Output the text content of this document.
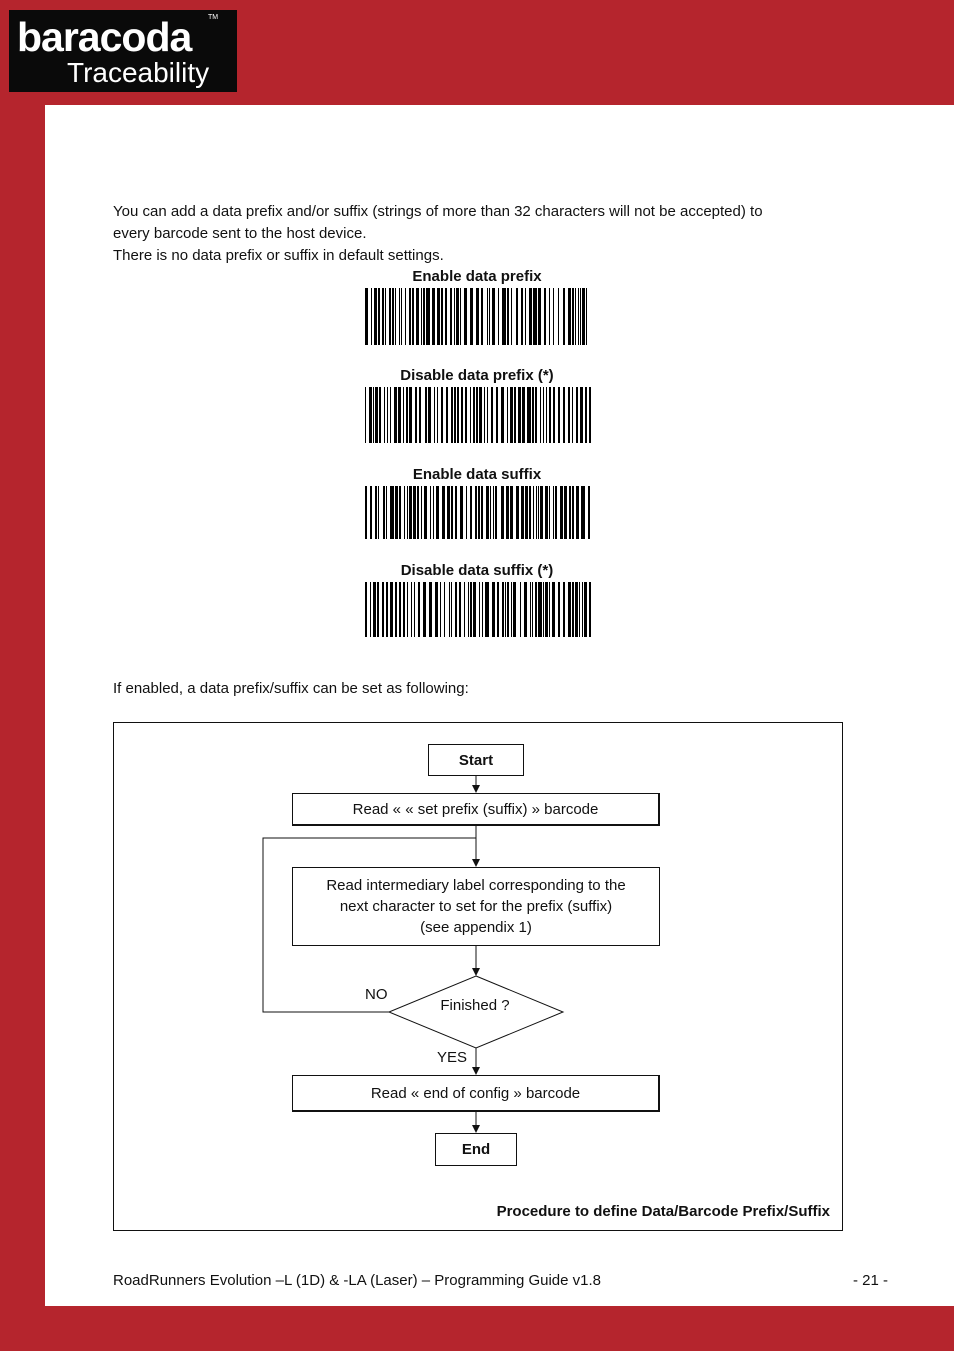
baracoda TM
Traceability
You can add a data prefix and/or suffix (strings of more than 32 characters will not be accepted) to
every barcode sent to the host device.
There is no data prefix or suffix in default settings.
Enable data prefix
Disable data prefix (*)
Enable data suffix
Disable data suffix (*)
If enabled, a data prefix/suffix can be set as following:
Start
Read « « set prefix (suffix) » barcode
Read intermediary label corresponding to the
next character to set for the prefix (suffix)
(see appendix 1)
Finished ?
NO
YES
Read « end of config » barcode
End
Procedure to define Data/Barcode Prefix/Suffix
RoadRunners Evolution –L (1D) & -LA (Laser) – Programming Guide v1.8	- 21 -
